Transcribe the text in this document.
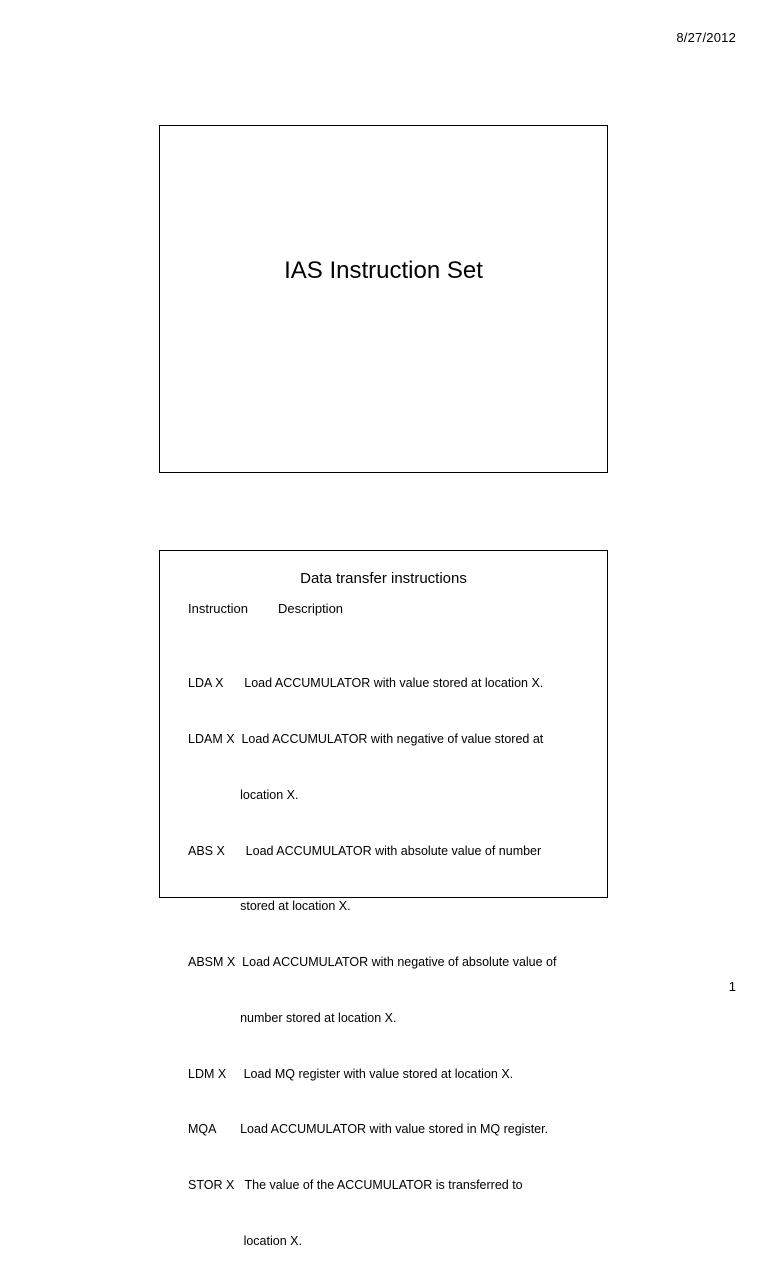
8/27/2012
IAS Instruction Set
Data transfer instructions
Instruction Description

LDA X      Load ACCUMULATOR with value stored at location X.

LDAM X  Load ACCUMULATOR with negative of value stored at

location X.

ABS X      Load ACCUMULATOR with absolute value of number

stored at location X.

ABSM X  Load ACCUMULATOR with negative of absolute value of

number stored at location X.

LDM X     Load MQ register with value stored at location X.

MQA       Load ACCUMULATOR with value stored in MQ register.

STOR X   The value of the ACCUMULATOR is transferred to

location X.

1
